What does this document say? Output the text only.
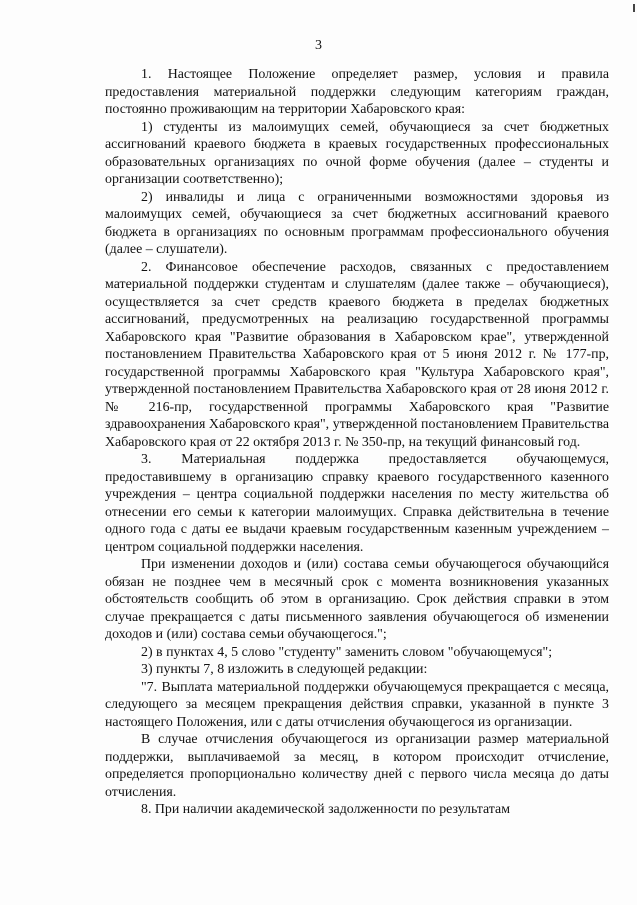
3

1. Настоящее Положение определяет размер, условия и правила предоставления материальной поддержки следующим категориям граждан, постоянно проживающим на территории Хабаровского края:

1) студенты из малоимущих семей, обучающиеся за счет бюджетных ассигнований краевого бюджета в краевых государственных профессиональных образовательных организациях по очной форме обучения (далее – студенты и организации соответственно);

2) инвалиды и лица с ограниченными возможностями здоровья из малоимущих семей, обучающиеся за счет бюджетных ассигнований краевого бюджета в организациях по основным программам профессионального обучения (далее – слушатели).

2. Финансовое обеспечение расходов, связанных с предоставлением материальной поддержки студентам и слушателям (далее также – обучающиеся), осуществляется за счет средств краевого бюджета в пределах бюджетных ассигнований, предусмотренных на реализацию государственной программы Хабаровского края "Развитие образования в Хабаровском крае", утвержденной постановлением Правительства Хабаровского края от 5 июня 2012 г. № 177-пр, государственной программы Хабаровского края "Культура Хабаровского края", утвержденной постановлением Правительства Хабаровского края от 28 июня 2012 г. № 216-пр, государственной программы Хабаровского края "Развитие здравоохранения Хабаровского края", утвержденной постановлением Правительства Хабаровского края от 22 октября 2013 г. № 350-пр, на текущий финансовый год.

3. Материальная поддержка предоставляется обучающемуся, предоставившему в организацию справку краевого государственного казенного учреждения – центра социальной поддержки населения по месту жительства об отнесении его семьи к категории малоимущих. Справка действительна в течение одного года с даты ее выдачи краевым государственным казенным учреждением – центром социальной поддержки населения.

При изменении доходов и (или) состава семьи обучающегося обучающийся обязан не позднее чем в месячный срок с момента возникновения указанных обстоятельств сообщить об этом в организацию. Срок действия справки в этом случае прекращается с даты письменного заявления обучающегося об изменении доходов и (или) состава семьи обучающегося.";

2) в пунктах 4, 5 слово "студенту" заменить словом "обучающемуся";

3) пункты 7, 8 изложить в следующей редакции:

"7. Выплата материальной поддержки обучающемуся прекращается с месяца, следующего за месяцем прекращения действия справки, указанной в пункте 3 настоящего Положения, или с даты отчисления обучающегося из организации.

В случае отчисления обучающегося из организации размер материальной поддержки, выплачиваемой за месяц, в котором происходит отчисление, определяется пропорционально количеству дней с первого числа месяца до даты отчисления.

8. При наличии академической задолженности по результатам
